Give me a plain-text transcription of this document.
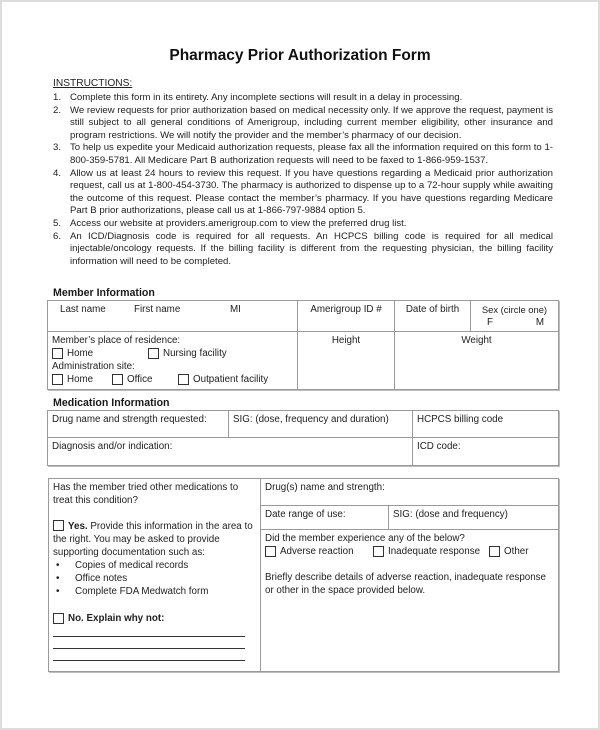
Pharmacy Prior Authorization Form
INSTRUCTIONS:
1. Complete this form in its entirety. Any incomplete sections will result in a delay in processing.
2. We review requests for prior authorization based on medical necessity only. If we approve the request, payment is still subject to all general conditions of Amerigroup, including current member eligibility, other insurance and program restrictions. We will notify the provider and the member’s pharmacy of our decision.
3. To help us expedite your Medicaid authorization requests, please fax all the information required on this form to 1-800-359-5781. All Medicare Part B authorization requests will need to be faxed to 1-866-959-1537.
4. Allow us at least 24 hours to review this request. If you have questions regarding a Medicaid prior authorization request, call us at 1-800-454-3730. The pharmacy is authorized to dispense up to a 72-hour supply while awaiting the outcome of this request. Please contact the member’s pharmacy. If you have questions regarding Medicare Part B prior authorizations, please call us at 1-866-797-9884 option 5.
5. Access our website at providers.amerigroup.com to view the preferred drug list.
6. An ICD/Diagnosis code is required for all requests. An HCPCS billing code is required for all medical injectable/oncology requests. If the billing facility is different from the requesting physician, the billing facility information will need to be completed.
Member Information
Last name	First name	MI	Amerigroup ID #	Date of birth	Sex (circle one)
F	M

Member’s place of residence:
Home	Nursing facility
Administration site:
Home	Office	Outpatient facility
	Height	Weight
Medication Information
Drug name and strength requested:	SIG: (dose, frequency and duration)	HCPCS billing code
Diagnosis and/or indication:		ICD code:
Has the member tried other medications to treat this condition?
Yes. Provide this information in the area to the right. You may be asked to provide supporting documentation such as:
•	Copies of medical records
•	Office notes
•	Complete FDA Medwatch form
No. Explain why not:
	Drug(s) name and strength:
	Date range of use:	SIG: (dose and frequency)

	Did the member experience any of the below?
Adverse reaction Inadequate response Other
Briefly describe details of adverse reaction, inadequate response or other in the space provided below.	
